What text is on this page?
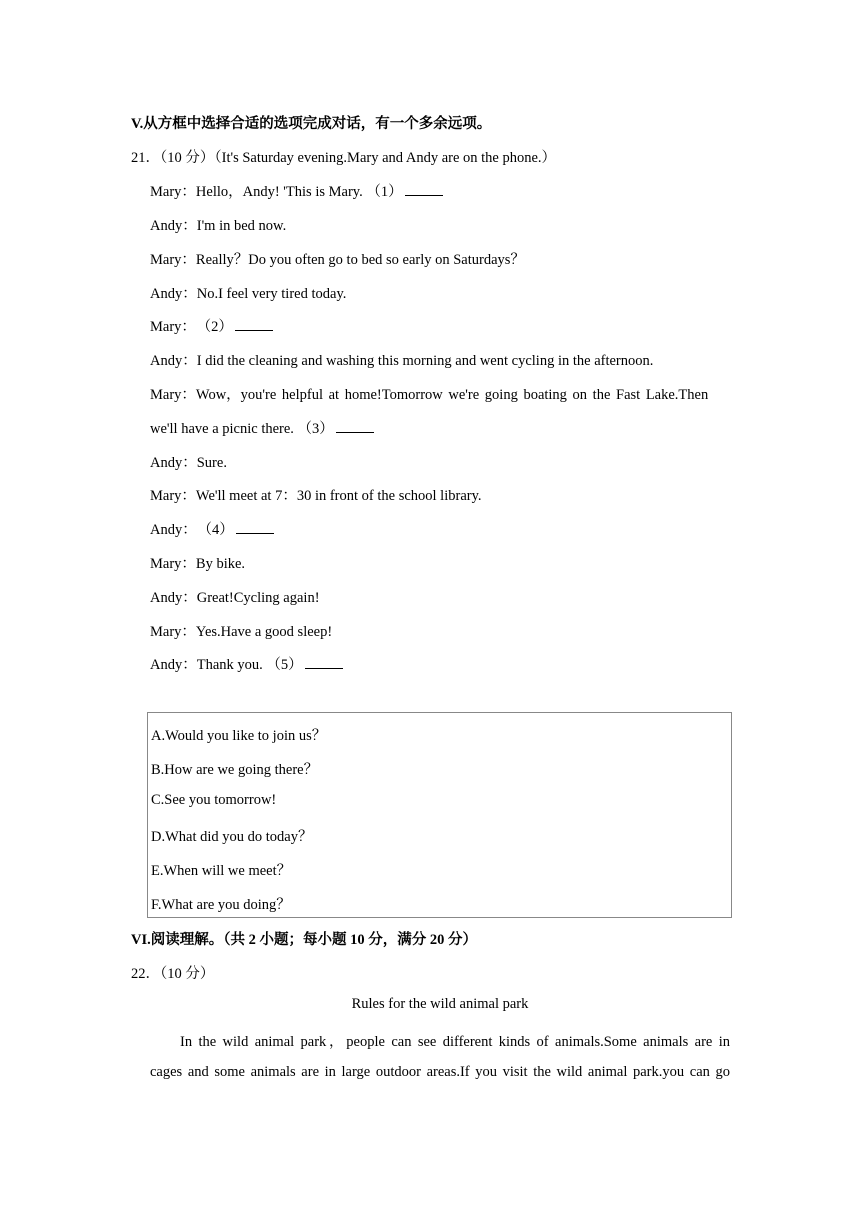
V.从方框中选择合适的选项完成对话，有一个多余远项。
21．（10 分）（It's Saturday evening.Mary and Andy are on the phone.）
Mary：Hello，Andy! 'This is Mary. （1）
Andy：I'm in bed now.
Mary：Really？Do you often go to bed so early on Saturdays？
Andy：No.I feel very tired today.
Mary： （2）
Andy：I did the cleaning and washing this morning and went cycling in the afternoon.
Mary：Wow，you're helpful at home!Tomorrow we're going boating on the Fast Lake.Then
we'll have a picnic there. （3）
Andy：Sure.
Mary：We'll meet at 7：30 in front of the school library.
Andy： （4）
Mary：By bike.
Andy：Great!Cycling again!
Mary：Yes.Have a good sleep!
Andy：Thank you. （5）
A.Would you like to join us？
B.How are we going there？
C.See you tomorrow!
D.What did you do today？
E.When will we meet？
F.What are you doing？
VI.阅读理解。（共 2 小题；每小题 10 分，满分 20 分）
22．（10 分）
Rules for the wild animal park
In the wild animal park，people can see different kinds of animals.Some animals are in
cages and some animals are in large outdoor areas.If you visit the wild animal park.you can go
